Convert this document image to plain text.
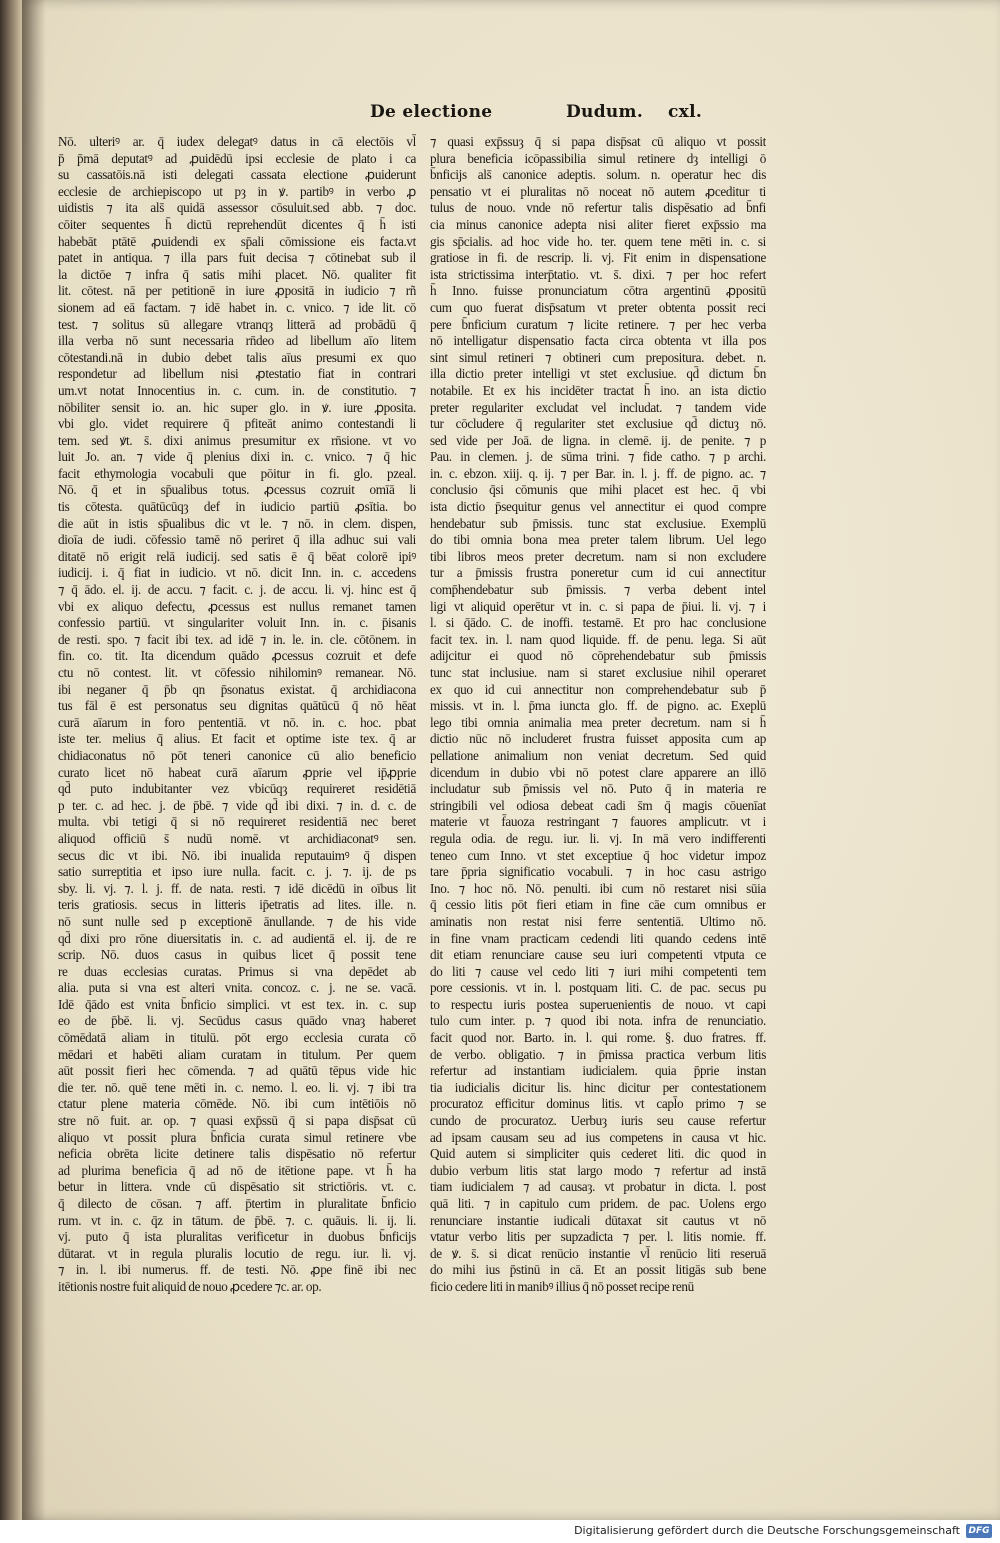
De electione	Dudum. cxl.
Nō. ulteriꝰ ar. q̄ iudex delegatꝰ datus in cā electōis vl̄
p̄ p̄mā deputatꝰ ad ꝓuidēdū ipsi ecclesie de plato i ca
su cassatōis.nā isti delegati cassata electione ꝓuiderunt
ecclesie de archiepiscopo ut pȝ in ꝟ. partibꝰ in verbo ꝓ
uidistis ⁊ ita als̄ quidā assessor cōsuluit.sed abb. ⁊ doc.
cōiter sequentes h̄ dictū reprehendūt dicentes q̄ h̄ isti
habebāt ptātē ꝓuidendi ex sp̄ali cōmissione eis facta.vt
patet in antiqua. ⁊ illa pars fuit decisa ⁊ cōtinebat sub il
la dictōe ⁊ infra q̄ satis mihi placet. Nō. qualiter fit
lit. cōtest. nā per petitionē in iure ꝓpositā in iudicio ⁊ rñ
sionem ad eā factam. ⁊ idē habet in. c. vnico. ⁊ ide lit. cō
test. ⁊ solitus sū allegare vtranqȝ litterā ad probādū q̄
illa verba nō sunt necessaria rn̄deo ad libellum aīo litem
cōtestandi.nā in dubio debet talis aīus presumi ex quo
respondetur ad libellum nisi ꝓtestatio fiat in contrari
um.vt notat Innocentius in. c. cum. in. de constitutio. ⁊
nōbiliter sensit io. an. hic super glo. in ꝟ. iure ꝓposita.
vbi glo. videt requirere q̄ pfiteāt animo contestandi li
tem. sed ꝟt. s̄. dixi animus presumitur ex rn̄sione. vt vo
luit Jo. an. ⁊ vide q̄ plenius dixi in. c. vnico. ⁊ q̄ hic
facit ethymologia vocabuli que pōitur in fi. glo. pzeal.
Nō. q̄ et in sp̄ualibus totus. ꝓcessus cozruit omīā li
tis cōtesta. quātūcūqȝ def in iudicio partiū ꝓsītia. bo
die aūt in istis sp̄ualibus dic vt le. ⁊ nō. in clem. dispen,
dioīa de iudi. cōfessio tamē nō periret q̄ illa adhuc sui vali
ditatē nō erigit relā iudicij. sed satis ē q̄ bēat colorē ipiꝰ
iudicij. i. q̄ fiat in iudicio. vt nō. dicit Inn. in. c. accedens
⁊ q̄ ādo. el. ij. de accu. ⁊ facit. c. j. de accu. li. vj. hinc est q̄
vbi ex aliquo defectu, ꝓcessus est nullus remanet tamen
confessio partiū. vt singulariter voluit Inn. in. c. p̄isanis
de resti. spo. ⁊ facit ibi tex. ad idē ⁊ in. le. in. cle. cōtōnem. in
fin. co. tit. Ita dicendum quādo ꝓcessus cozruit et defe
ctu nō contest. lit. vt cōfessio nihilominꝰ remanear. Nō.
ibi neganer q̄ p̄b qn p̄sonatus existat. q̄ archidiacona
tus fāl ē est personatus seu dignitas quātūcū q̄ nō hēat
curā aīarum in foro pententiā. vt nō. in. c. hoc. pbat
iste ter. melius q̄ alius. Et facit et optime iste tex. q̄ ar
chidiaconatus nō pōt teneri canonice cū alio beneficio
curato licet nō habeat curā aīarum ꝓprie vel ip̄ꝓprie
qd̄ puto indubitanter vez vbicūqȝ requireret residētiā
p ter. c. ad hec. j. de p̄bē. ⁊ vide qd̄ ibi dixi. ⁊ in. d. c. de
multa. vbi tetigi q̄ si nō requireret residentiā nec beret
aliquod officiū s̄ nudū nomē. vt archidiaconatꝰ sen.
secus dic vt ibi. Nō. ibi inualida reputauimꝰ q̄ dispen
satio surreptitia et ipso iure nulla. facit. c. j. ⁊. ij. de ps
sby. li. vj. ⁊. l. j. ff. de nata. resti. ⁊ idē dicēdū in oībus lit
teris gratiosis. secus in litteris ip̄etratis ad lites. ille. n.
nō sunt nulle sed p exceptionē ānullande. ⁊ de his vide
qd̄ dixi pro rōne diuersitatis in. c. ad audientā el. ij. de re
scrip. Nō. duos casus in quibus licet q̄ possit tene
re duas ecclesias curatas. Primus si vna depēdet ab
alia. puta si vna est alteri vnita. concoz. c. j. ne se. vacā.
Idē q̄ādo est vnita b̄nficio simplici. vt est tex. in. c. sup
eo de p̄bē. li. vj. Secūdus casus quādo vnaȝ haberet
cōmēdatā aliam in titulū. pōt ergo ecclesia curata cō
mēdari et habēti aliam curatam in titulum. Per quem
aūt possit fieri hec cōmenda. ⁊ ad quātū tēpus vide hic
die ter. nō. quē tene mēti in. c. nemo. l. eo. li. vj. ⁊ ibi tra
ctatur plene materia cōmēde. Nō. ibi cum intētiōis nō
stre nō fuit. ar. op. ⁊ quasi exp̄ssū q̄ si papa disp̄sat cū
aliquo vt possit plura b̄nficia curata simul retinere vbe
neficia obrēta licite detinere talis dispēsatio nō refertur
ad plurima beneficia q̄ ad nō de itētione pape. vt h̄ ha
betur in littera. vnde cū dispēsatio sit strictiōris. vt. c.
q̄ dilecto de cōsan. ⁊ aff. p̄tertim in pluralitate b̄nficio
rum. vt in. c. q̄z in tātum. de p̄bē. ⁊. c. quāuis. li. ij. li.
vj. puto q̄ ista pluralitas verificetur in duobus b̄nficijs
dūtarat. vt in regula pluralis locutio de regu. iur. li. vj.
⁊ in. l. ibi numerus. ff. de testi. Nō. ꝓpe finē ibi nec
itētionis nostre fuit aliquid de nouo ꝓcedere ⁊c. ar. op.
⁊ quasi exp̄ssuȝ q̄ si papa disp̄sat cū aliquo vt possit
plura beneficia icōpassibilia simul retinere dȝ intelligi ō
b̄nficijs als̄ canonice adeptis. solum. n. operatur hec dis
pensatio vt ei pluralitas nō noceat nō autem ꝓceditur ti
tulus de nouo. vnde nō refertur talis dispēsatio ad b̄nfi
cia minus canonice adepta nisi aliter fieret exp̄ssio ma
gis sp̄cialis. ad hoc vide ho. ter. quem tene mēti in. c. si
gratiose in fi. de rescrip. li. vj. Fit enim in dispensatione
ista strictissima interp̄tatio. vt. s̄. dixi. ⁊ per hoc refert
h̄ Inno. fuisse pronunciatum cōtra argentinū ꝓpositū
cum quo fuerat disp̄satum vt preter obtenta possit reci
pere b̄nficium curatum ⁊ licite retinere. ⁊ per hec verba
nō intelligatur dispensatio facta circa obtenta vt illa pos
sint simul retineri ⁊ obtineri cum prepositura. debet. n.
illa dictio preter intelligi vt stet exclusiue. qd̄ dictum b̄n
notabile. Et ex his incidēter tractat h̄ ino. an ista dictio
preter regulariter excludat vel includat. ⁊ tandem vide
tur cōcludere q̄ regulariter stet exclusiue qd̄ dictuȝ nō.
sed vide per Joā. de ligna. in clemē. ij. de penite. ⁊ p
Pau. in clemen. j. de sūma trini. ⁊ fide catho. ⁊ p archi.
in. c. ebzon. xiij. q. ij. ⁊ per Bar. in. l. j. ff. de pigno. ac. ⁊
conclusio q̄si cōmunis que mihi placet est hec. q̄ vbi
ista dictio p̄sequitur genus vel annectitur ei quod compre
hendebatur sub p̄missis. tunc stat exclusiue. Exemplū
do tibi omnia bona mea preter talem librum. Uel lego
tibi libros meos preter decretum. nam si non excludere
tur a p̄missis frustra poneretur cum id cui annectitur
comp̄hendebatur sub p̄missis. ⁊ verba debent intel
ligi vt aliquid operētur vt in. c. si papa de p̄iui. li. vj. ⁊ i
l. si q̄ādo. C. de inoffi. testamē. Et pro hac conclusione
facit tex. in. l. nam quod liquide. ff. de penu. lega. Si aūt
adijcitur ei quod nō cōprehendebatur sub p̄missis
tunc stat inclusiue. nam si staret exclusiue nihil operaret
ex quo id cui annectitur non comprehendebatur sub p̄
missis. vt in. l. p̄ma iuncta glo. ff. de pigno. ac. Exeplū
lego tibi omnia animalia mea preter decretum. nam si h̄
dictio nūc nō includeret frustra fuisset apposita cum ap
pellatione animalium non veniat decretum. Sed quid
dicendum in dubio vbi nō potest clare apparere an illō
includatur sub p̄missis vel nō. Puto q̄ in materia re
stringibili vel odiosa debeat cadi s̄m q̄ magis cōuenīat
materie vt f̄auoza restringant ⁊ fauores amplicutr. vt i
regula odia. de regu. iur. li. vj. In mā vero indifferenti
teneo cum Inno. vt stet exceptiue q̄ hoc videtur impoz
tare p̄pria significatio vocabuli. ⁊ in hoc casu astrigo
Ino. ⁊ hoc nō. Nō. penulti. ibi cum nō restaret nisi sūia
q̄ cessio litis pōt fieri etiam in fine cāe cum omnibus er
aminatis non restat nisi ferre sententiā. Ultimo nō.
in fine vnam practicam cedendi liti quando cedens intē
dit etiam renunciare cause seu iuri competenti vtputa ce
do liti ⁊ cause vel cedo liti ⁊ iuri mihi competenti tem
pore cessionis. vt in. l. postquam liti. C. de pac. secus pu
to respectu iuris postea superuenientis de nouo. vt capi
tulo cum inter. p. ⁊ quod ibi nota. infra de renunciatio.
facit quod nor. Barto. in. l. qui rome. §. duo fratres. ff.
de verbo. obligatio. ⁊ in p̄missa practica verbum litis
refertur ad instantiam iudicialem. quia p̄prie instan
tia iudicialis dicitur lis. hinc dicitur per contestationem
procuratoz efficitur dominus litis. vt capl̄o primo ⁊ se
cundo de procuratoz. Uerbuȝ iuris seu cause refertur
ad ipsam causam seu ad ius competens in causa vt hic.
Quid autem si simpliciter quis cederet liti. dic quod in
dubio verbum litis stat largo modo ⁊ refertur ad instā
tiam iudicialem ⁊ ad causaȝ. vt probatur in dicta. l. post
quā liti. ⁊ in capitulo cum pridem. de pac. Uolens ergo
renunciare instantie iudicali dūtaxat sit cautus vt nō
vtatur verbo litis per supzadicta ⁊ per. l. litis nomie. ff.
de ꝟ. s̄. si dicat renūcio instantie vl̄ renūcio liti reseruā
do mihi ius p̄stinū in cā. Et an possit litigās sub bene
ficio cedere liti in manibꝰ illius q̄ nō posset recipe renū
Digitalisierung gefördert durch die Deutsche Forschungsgemeinschaft DFG
